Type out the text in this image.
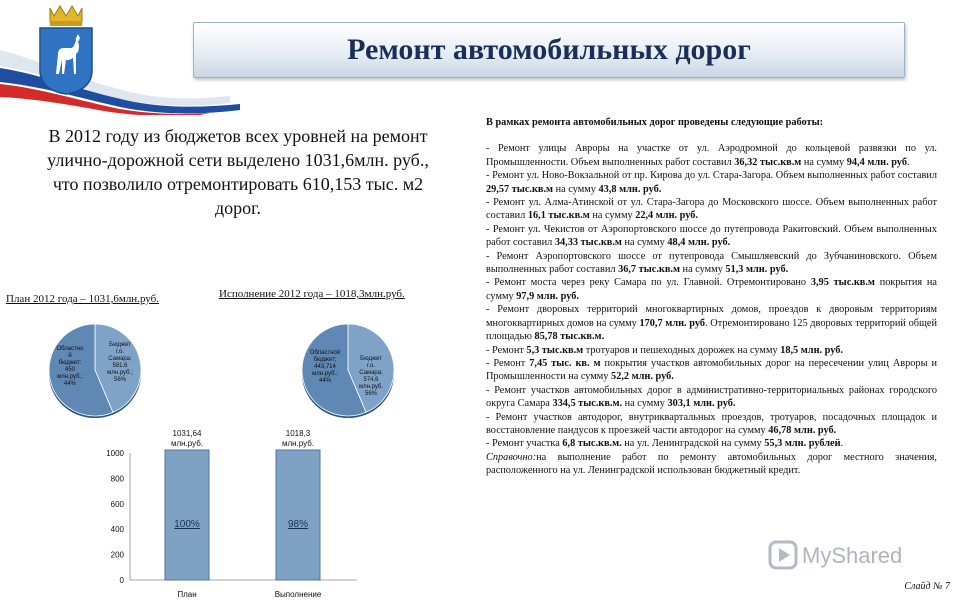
Ремонт автомобильных дорог
В 2012 году из бюджетов всех уровней на ремонт улично-дорожной сети выделено 1031,6млн. руб., что позволило отремонтировать 610,153 тыс. м2 дорог.
План 2012 года – 1031,6млн.руб.	Исполнение 2012 года – 1018,3млн.руб.
Областно й бюджет: 450 млн.руб.; 44%
Бюджет г.о. Самара; 581,6 млн.руб.; 56%
Областной бюджет; 443,714 млн.руб.; 44%
Бюджет г.о. Самара; 574,6 млн.руб. 56%
0
200
400
600
800
1000
1031,64
млн.руб.
100%
План
1018,3
млн.руб.
98%
Выполнение

В рамках ремонта автомобильных дорог проведены следующие работы:

- Ремонт улицы Авроры на участке от ул. Аэродромной до кольцевой развязки по ул. Промышленности. Объем выполненных работ составил 36,32 тыс.кв.м на сумму 94,4 млн. руб.

- Ремонт ул. Ново-Вокзальной от пр. Кирова до ул. Стара-Загора. Объем выполненных работ составил 29,57 тыс.кв.м на сумму 43,8 млн. руб.

- Ремонт ул. Алма-Атинской от ул. Стара-Загора до Московского шоссе. Объем выполненных работ составил 16,1 тыс.кв.м на сумму 22,4 млн. руб.

- Ремонт ул. Чекистов от Аэропортовского шоссе до путепровода Ракитовский. Объем выполненных работ составил 34,33 тыс.кв.м на сумму 48,4 млн. руб.

- Ремонт Аэропортовского шоссе от путепровода Смышляевский до Зубчаниновского. Объем выполненных работ составил 36,7 тыс.кв.м на сумму 51,3 млн. руб.

- Ремонт моста через реку Самара по ул. Главной. Отремонтировано 3,95 тыс.кв.м покрытия на сумму 97,9 млн. руб.

- Ремонт дворовых территорий многоквартирных домов, проездов к дворовым территориям многоквартирных домов на сумму 170,7 млн. руб. Отремонтировано 125 дворовых территорий общей площадью 85,78 тыс.кв.м.

- Ремонт 5,3 тыс.кв.м тротуаров и пешеходных дорожек на сумму 18,5 млн. руб.

- Ремонт 7,45 тыс. кв. м покрытия участков автомобильных дорог на пересечении улиц Авроры и Промышленности на сумму 52,2 млн. руб.

- Ремонт участков автомобильных дорог в административно-территориальных районах городского округа Самара 334,5 тыс.кв.м. на сумму 303,1 млн. руб.

- Ремонт участков автодорог, внутриквартальных проездов, тротуаров, посадочных площадок и восстановление пандусов к проезжей части автодорог на сумму 46,78 млн. руб.

- Ремонт участка 6,8 тыс.кв.м. на ул. Ленинградской на сумму 55,3 млн. рублей.

Справочно:на выполнение работ по ремонту автомобильных дорог местного значения, расположенного на ул. Ленинградской использован бюджетный кредит.

MyShared
Слайд № 7
